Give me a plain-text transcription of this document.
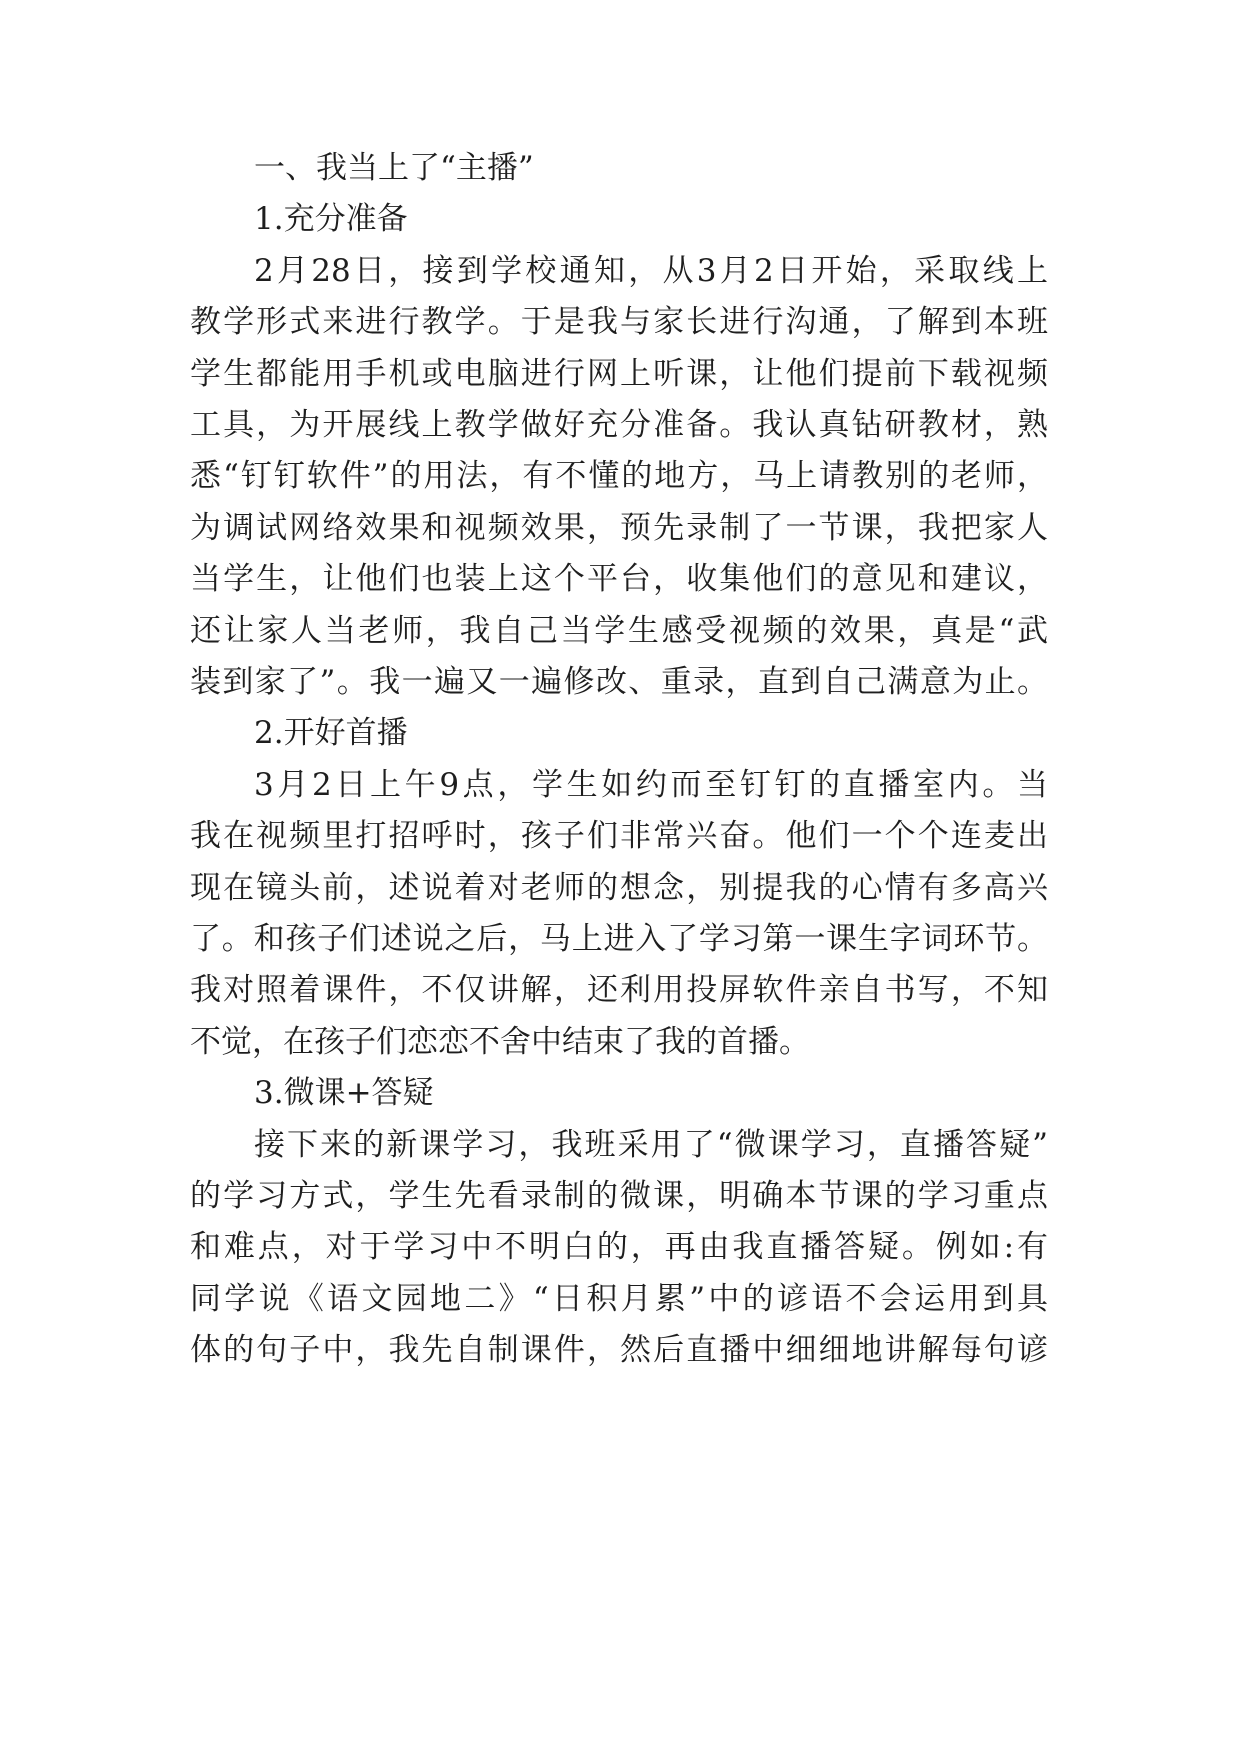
一、我当上了“主播”
1.充分准备
2月28日，接到学校通知，从3月2日开始，采取线上
教学形式来进行教学。于是我与家长进行沟通，了解到本班
学生都能用手机或电脑进行网上听课，让他们提前下载视频
工具，为开展线上教学做好充分准备。我认真钻研教材，熟
悉“钉钉软件”的用法，有不懂的地方，马上请教别的老师，
为调试网络效果和视频效果，预先录制了一节课，我把家人
当学生，让他们也装上这个平台，收集他们的意见和建议，
还让家人当老师，我自己当学生感受视频的效果，真是“武
装到家了”。我一遍又一遍修改、重录，直到自己满意为止。
2.开好首播
3月2日上午9点，学生如约而至钉钉的直播室内。当
我在视频里打招呼时，孩子们非常兴奋。他们一个个连麦出
现在镜头前，述说着对老师的想念，别提我的心情有多高兴
了。和孩子们述说之后，马上进入了学习第一课生字词环节。
我对照着课件，不仅讲解，还利用投屏软件亲自书写，不知
不觉，在孩子们恋恋不舍中结束了我的首播。
3.微课+答疑
接下来的新课学习，我班采用了“微课学习，直播答疑”
的学习方式，学生先看录制的微课，明确本节课的学习重点
和难点，对于学习中不明白的，再由我直播答疑。例如:有
同学说《语文园地二》“日积月累”中的谚语不会运用到具
体的句子中，我先自制课件，然后直播中细细地讲解每句谚
